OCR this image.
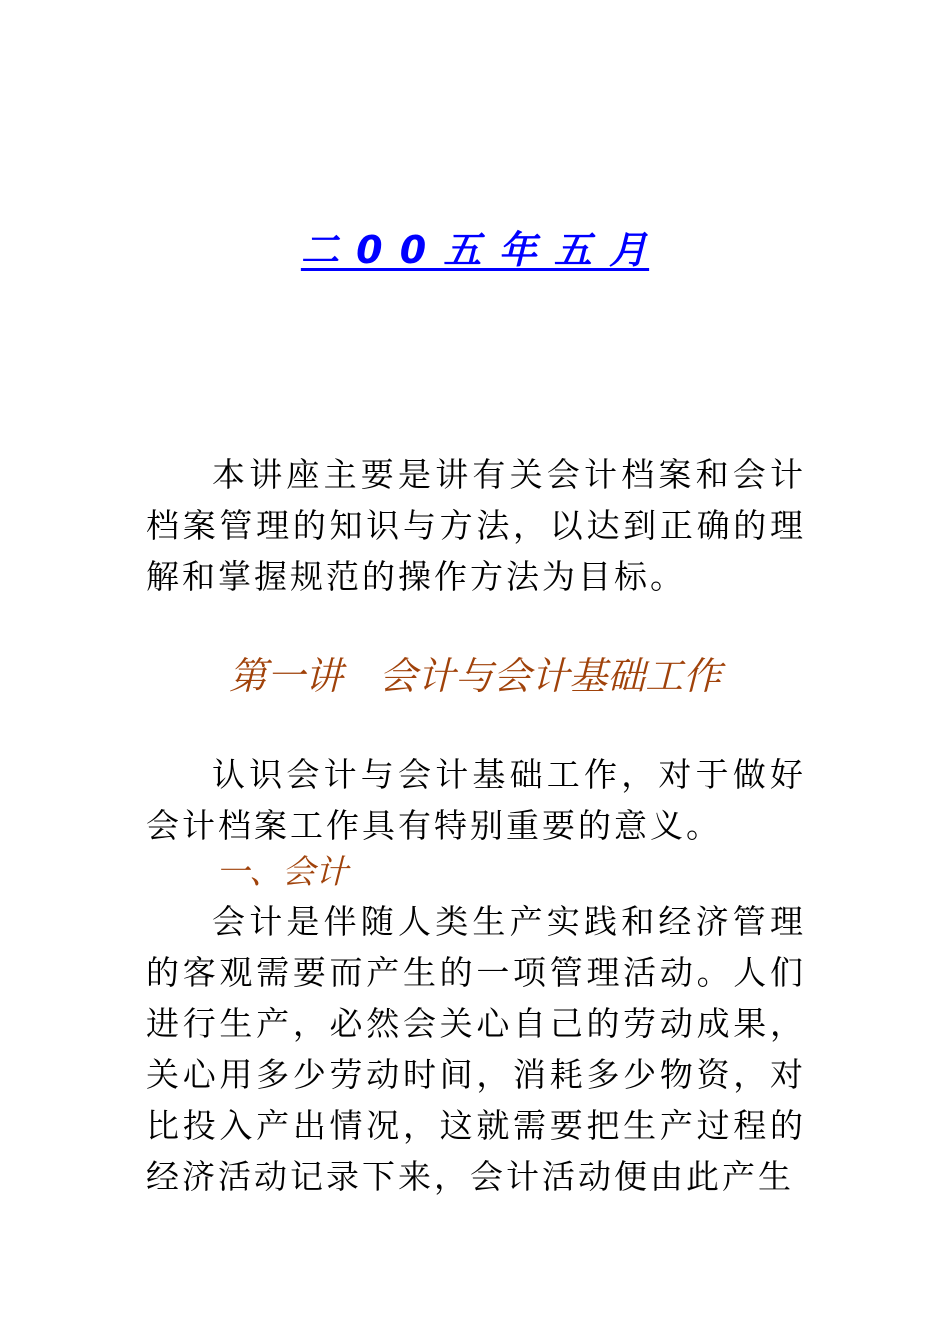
二 0 0 五 年 五 月

本讲座主要是讲有关会计档案和会计档案管理的知识与方法，以达到正确的理解和掌握规范的操作方法为目标。

第一讲   会计与会计基础工作

认识会计与会计基础工作，对于做好会计档案工作具有特别重要的意义。

一、会计

会计是伴随人类生产实践和经济管理的客观需要而产生的一项管理活动。人们进行生产，必然会关心自己的劳动成果，关心用多少劳动时间，消耗多少物资，对比投入产出情况，这就需要把生产过程的经济活动记录下来，会计活动便由此产生
